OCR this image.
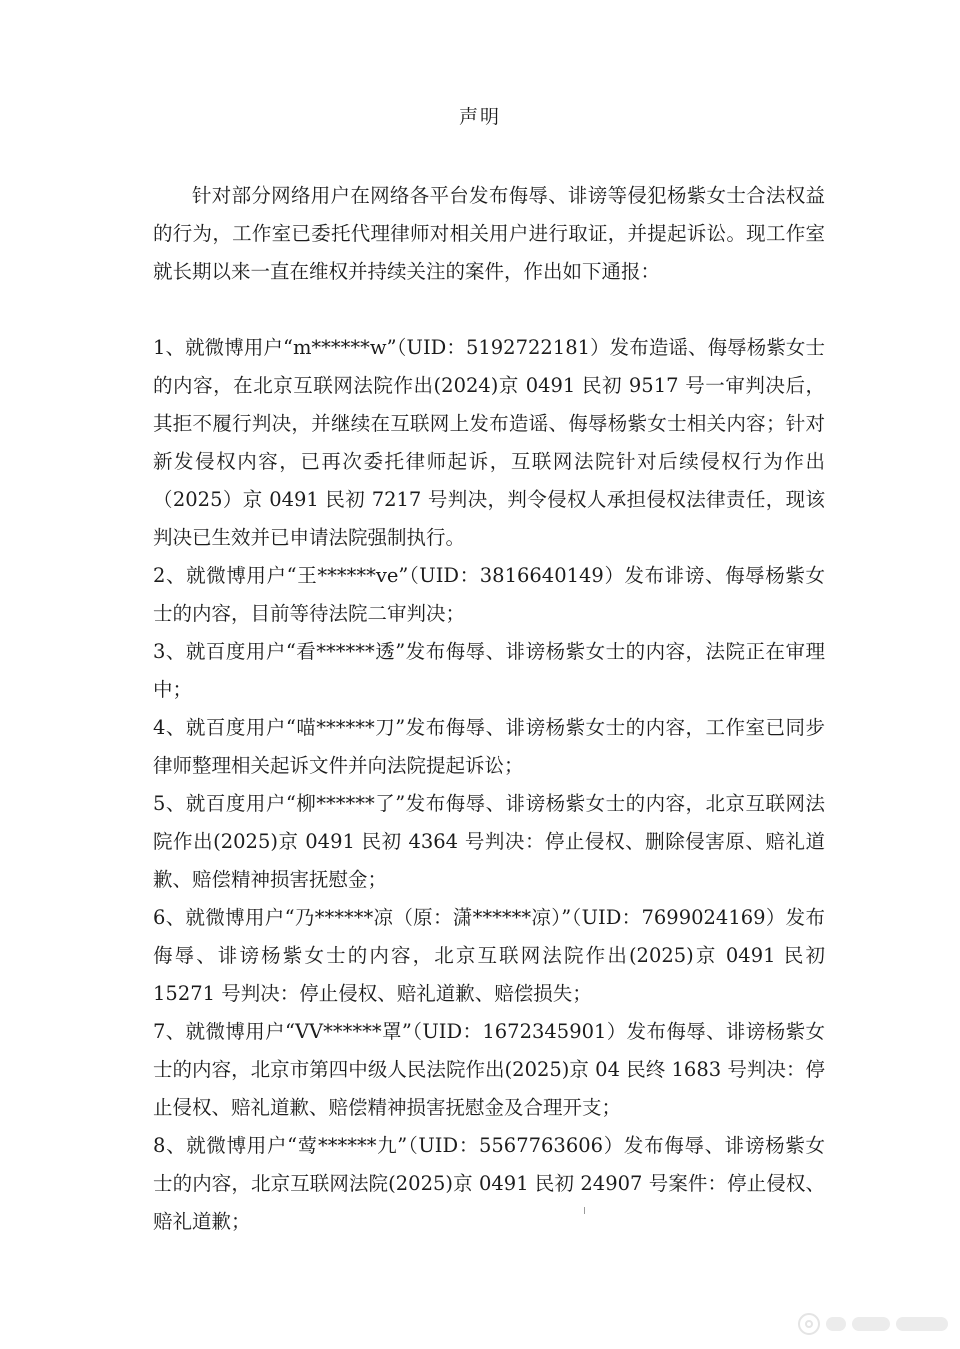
声明

针对部分网络用户在网络各平台发布侮辱、诽谤等侵犯杨紫女士合法权益的行为，工作室已委托代理律师对相关用户进行取证，并提起诉讼。现工作室就长期以来一直在维权并持续关注的案件，作出如下通报：

1、就微博用户“m******w”（UID：5192722181）发布造谣、侮辱杨紫女士的内容，在北京互联网法院作出(2024)京 0491 民初 9517 号一审判决后，其拒不履行判决，并继续在互联网上发布造谣、侮辱杨紫女士相关内容；针对新发侵权内容，已再次委托律师起诉，互联网法院针对后续侵权行为作出（2025）京 0491 民初 7217 号判决，判令侵权人承担侵权法律责任，现该判决已生效并已申请法院强制执行。
2、就微博用户“王******ve”（UID：3816640149）发布诽谤、侮辱杨紫女士的内容，目前等待法院二审判决；
3、就百度用户“看******透”发布侮辱、诽谤杨紫女士的内容，法院正在审理中；
4、就百度用户“喵******刀”发布侮辱、诽谤杨紫女士的内容，工作室已同步律师整理相关起诉文件并向法院提起诉讼；
5、就百度用户“柳******了”发布侮辱、诽谤杨紫女士的内容，北京互联网法院作出(2025)京 0491 民初 4364 号判决：停止侵权、删除侵害原、赔礼道歉、赔偿精神损害抚慰金；
6、就微博用户“乃******凉（原：潇******凉）”（UID：7699024169）发布侮辱、诽谤杨紫女士的内容，北京互联网法院作出(2025)京 0491 民初 15271 号判决：停止侵权、赔礼道歉、赔偿损失；
7、就微博用户“VV******罩”（UID：1672345901）发布侮辱、诽谤杨紫女士的内容，北京市第四中级人民法院作出(2025)京 04 民终 1683 号判决：停止侵权、赔礼道歉、赔偿精神损害抚慰金及合理开支；
8、就微博用户“莺******九”（UID：5567763606）发布侮辱、诽谤杨紫女士的内容，北京互联网法院(2025)京 0491 民初 24907 号案件：停止侵权、赔礼道歉；
